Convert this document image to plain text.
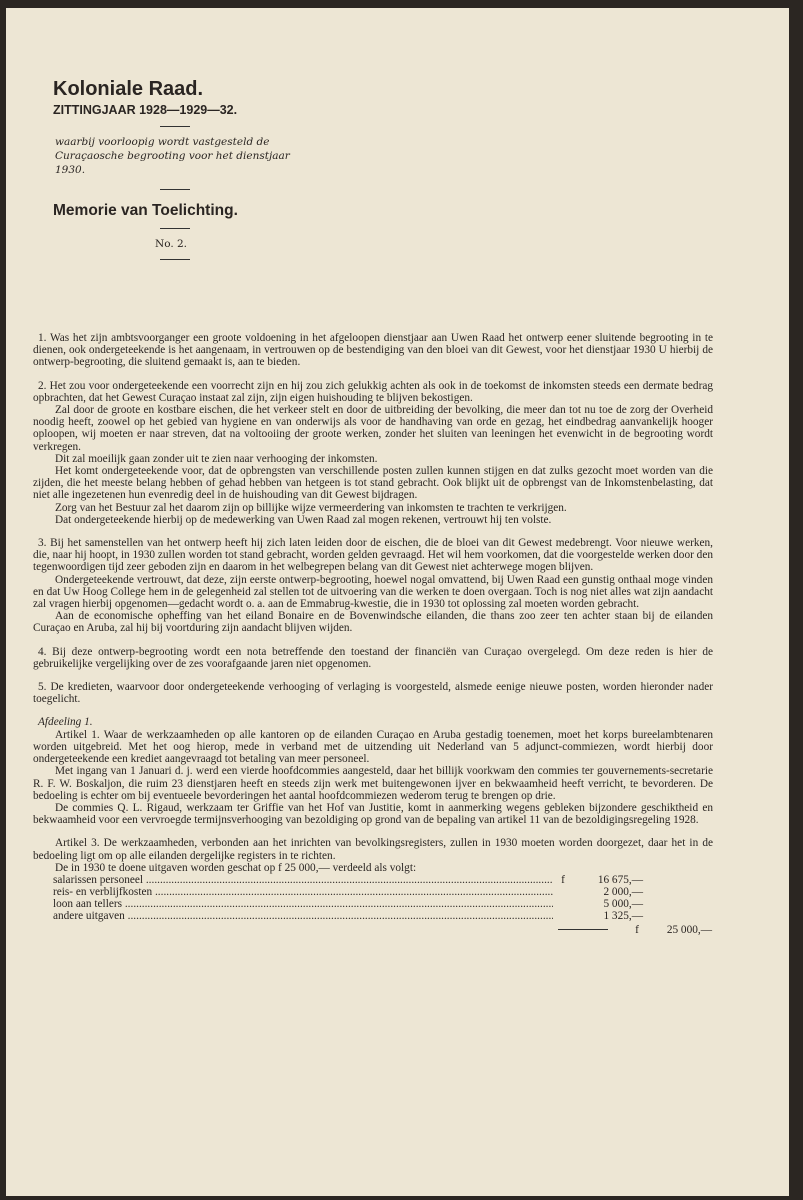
Koloniale Raad.
ZITTINGJAAR 1928—1929—32.
waarbij voorloopig wordt vastgesteld de Curaçaosche begrooting voor het dienstjaar 1930.
Memorie van Toelichting.
No. 2.

1. Was het zijn ambtsvoorganger een groote voldoening in het afgeloopen dienstjaar aan Uwen Raad het ontwerp eener sluitende begrooting in te dienen, ook ondergeteekende is het aangenaam, in vertrouwen op de bestendiging van den bloei van dit Gewest, voor het dienstjaar 1930 U hierbij de ontwerp-begrooting, die sluitend gemaakt is, aan te bieden.

2. Het zou voor ondergeteekende een voorrecht zijn en hij zou zich gelukkig achten als ook in de toekomst de inkomsten steeds een dermate bedrag opbrachten, dat het Gewest Curaçao instaat zal zijn, zijn eigen huishouding te blijven bekostigen.

Zal door de groote en kostbare eischen, die het verkeer stelt en door de uitbreiding der bevolking, die meer dan tot nu toe de zorg der Overheid noodig heeft, zoowel op het gebied van hygiene en van onderwijs als voor de handhaving van orde en gezag, het eindbedrag aanvankelijk hooger oploopen, wij moeten er naar streven, dat na voltooiing der groote werken, zonder het sluiten van leeningen het evenwicht in de begrooting wordt verkregen.

Dit zal moeilijk gaan zonder uit te zien naar verhooging der inkomsten.

Het komt ondergeteekende voor, dat de opbrengsten van verschillende posten zullen kunnen stijgen en dat zulks gezocht moet worden van die zijden, die het meeste belang hebben of gehad hebben van hetgeen is tot stand gebracht. Ook blijkt uit de opbrengst van de Inkomstenbelasting, dat niet alle ingezetenen hun evenredig deel in de huishouding van dit Gewest bijdragen.

Zorg van het Bestuur zal het daarom zijn op billijke wijze vermeerdering van inkomsten te trachten te verkrijgen.

Dat ondergeteekende hierbij op de medewerking van Uwen Raad zal mogen rekenen, vertrouwt hij ten volste.

3. Bij het samenstellen van het ontwerp heeft hij zich laten leiden door de eischen, die de bloei van dit Gewest medebrengt. Voor nieuwe werken, die, naar hij hoopt, in 1930 zullen worden tot stand gebracht, worden gelden gevraagd. Het wil hem voorkomen, dat die voorgestelde werken door den tegenwoordigen tijd zeer geboden zijn en daarom in het welbegrepen belang van dit Gewest niet achterwege mogen blijven.

Ondergeteekende vertrouwt, dat deze, zijn eerste ontwerp-begrooting, hoewel nogal omvattend, bij Uwen Raad een gunstig onthaal moge vinden en dat Uw Hoog College hem in de gelegenheid zal stellen tot de uitvoering van die werken te doen overgaan. Toch is nog niet alles wat zijn aandacht zal vragen hierbij opgenomen—gedacht wordt o. a. aan de Emmabrug-kwestie, die in 1930 tot oplossing zal moeten worden gebracht.

Aan de economische opheffing van het eiland Bonaire en de Bovenwindsche eilanden, die thans zoo zeer ten achter staan bij de eilanden Curaçao en Aruba, zal hij bij voortduring zijn aandacht blijven wijden.

4. Bij deze ontwerp-begrooting wordt een nota betreffende den toestand der financiën van Curaçao overgelegd. Om deze reden is hier de gebruikelijke vergelijking over de zes voorafgaande jaren niet opgenomen.

5. De kredieten, waarvoor door ondergeteekende verhooging of verlaging is voorgesteld, alsmede eenige nieuwe posten, worden hieronder nader toegelicht.

Afdeeling 1.

Artikel 1. Waar de werkzaamheden op alle kantoren op de eilanden Curaçao en Aruba gestadig toenemen, moet het korps bureelambtenaren worden uitgebreid. Met het oog hierop, mede in verband met de uitzending uit Nederland van 5 adjunct-commiezen, wordt hierbij door ondergeteekende een krediet aangevraagd tot betaling van meer personeel.

Met ingang van 1 Januari d. j. werd een vierde hoofdcommies aangesteld, daar het billijk voorkwam den commies ter gouvernements-secretarie R. F. W. Boskaljon, die ruim 23 dienstjaren heeft en steeds zijn werk met buitengewonen ijver en bekwaamheid heeft verricht, te bevorderen. De bedoeling is echter om bij eventueele bevorderingen het aantal hoofdcommiezen wederom terug te brengen op drie.

De commies Q. L. Rigaud, werkzaam ter Griffie van het Hof van Justitie, komt in aanmerking wegens gebleken bijzondere geschiktheid en bekwaamheid voor een vervroegde termijnsverhooging van bezoldiging op grond van de bepaling van artikel 11 van de bezoldigingsregeling 1928.

Artikel 3. De werkzaamheden, verbonden aan het inrichten van bevolkingsregisters, zullen in 1930 moeten worden doorgezet, daar het in de bedoeling ligt om op alle eilanden dergelijke registers in te richten.

De in 1930 te doene uitgaven worden geschat op f 25 000,— verdeeld als volgt:

salarissen personeel .....	f	16 675,—
reis- en verblijfkosten .....	2 000,—
loon aan tellers .....	5 000,—
andere uitgaven .....	1 325,—
f	25 000,—
